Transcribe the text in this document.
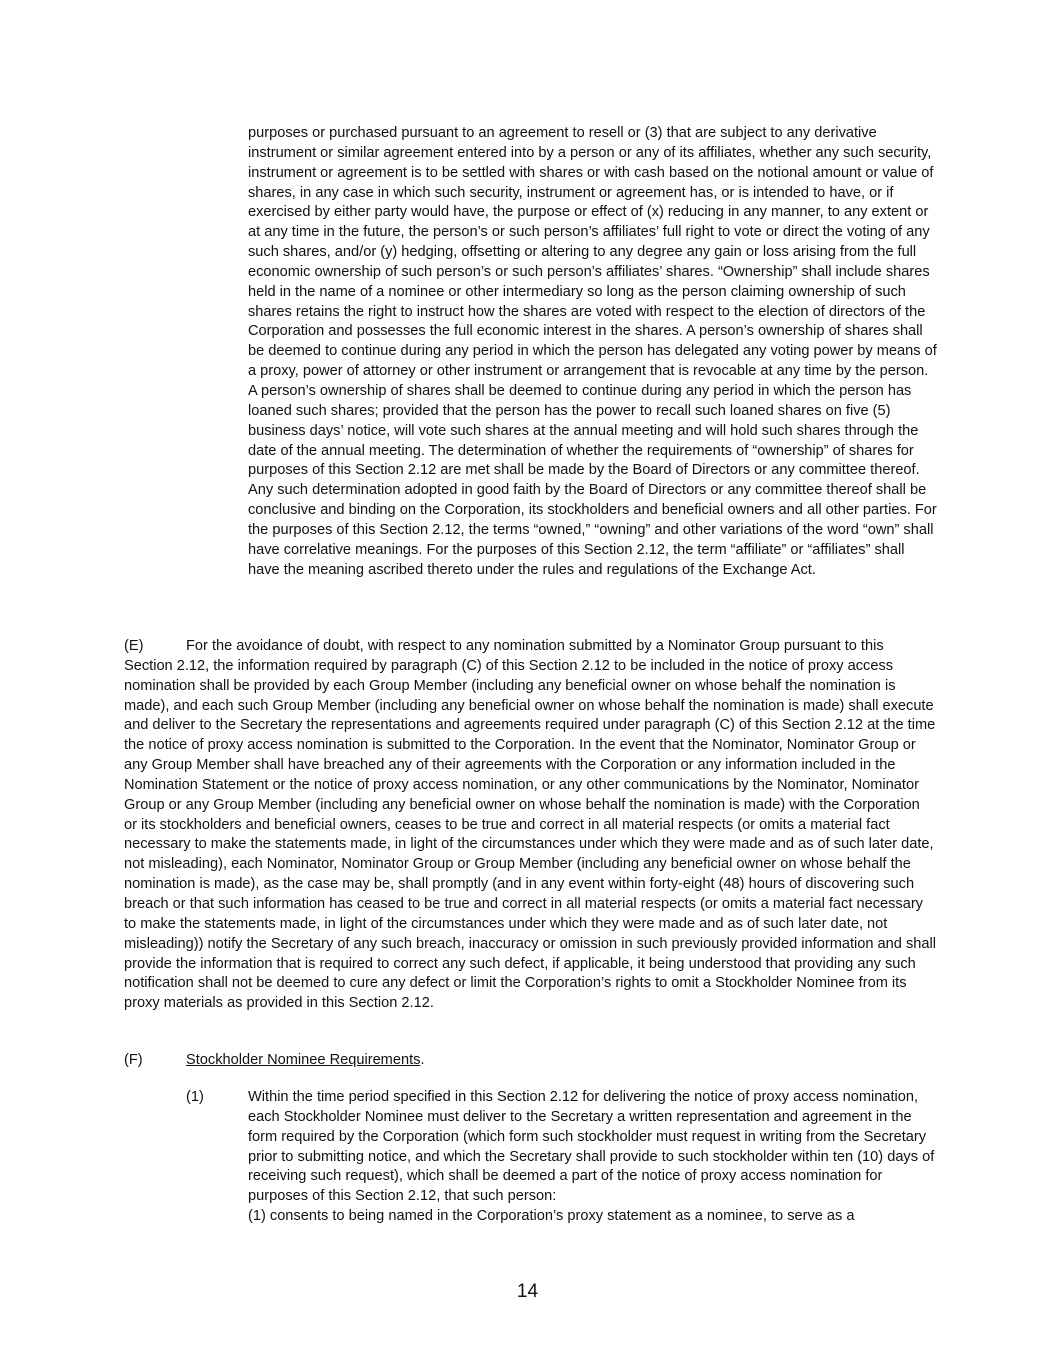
purposes or purchased pursuant to an agreement to resell or (3) that are subject to any derivative instrument or similar agreement entered into by a person or any of its affiliates, whether any such security, instrument or agreement is to be settled with shares or with cash based on the notional amount or value of shares, in any case in which such security, instrument or agreement has, or is intended to have, or if exercised by either party would have, the purpose or effect of (x) reducing in any manner, to any extent or at any time in the future, the person’s or such person’s affiliates’ full right to vote or direct the voting of any such shares, and/or (y) hedging, offsetting or altering to any degree any gain or loss arising from the full economic ownership of such person’s or such person’s affiliates’ shares. “Ownership” shall include shares held in the name of a nominee or other intermediary so long as the person claiming ownership of such shares retains the right to instruct how the shares are voted with respect to the election of directors of the Corporation and possesses the full economic interest in the shares. A person’s ownership of shares shall be deemed to continue during any period in which the person has delegated any voting power by means of a proxy, power of attorney or other instrument or arrangement that is revocable at any time by the person. A person’s ownership of shares shall be deemed to continue during any period in which the person has loaned such shares; provided that the person has the power to recall such loaned shares on five (5) business days’ notice, will vote such shares at the annual meeting and will hold such shares through the date of the annual meeting. The determination of whether the requirements of “ownership” of shares for purposes of this Section 2.12 are met shall be made by the Board of Directors or any committee thereof. Any such determination adopted in good faith by the Board of Directors or any committee thereof shall be conclusive and binding on the Corporation, its stockholders and beneficial owners and all other parties. For the purposes of this Section 2.12, the terms “owned,” “owning” and other variations of the word “own” shall have correlative meanings. For the purposes of this Section 2.12, the term “affiliate” or “affiliates” shall have the meaning ascribed thereto under the rules and regulations of the Exchange Act.

(E)	For the avoidance of doubt, with respect to any nomination submitted by a Nominator Group pursuant to this Section 2.12, the information required by paragraph (C) of this Section 2.12 to be included in the notice of proxy access nomination shall be provided by each Group Member (including any beneficial owner on whose behalf the nomination is made), and each such Group Member (including any beneficial owner on whose behalf the nomination is made) shall execute and deliver to the Secretary the representations and agreements required under paragraph (C) of this Section 2.12 at the time the notice of proxy access nomination is submitted to the Corporation. In the event that the Nominator, Nominator Group or any Group Member shall have breached any of their agreements with the Corporation or any information included in the Nomination Statement or the notice of proxy access nomination, or any other communications by the Nominator, Nominator Group or any Group Member (including any beneficial owner on whose behalf the nomination is made) with the Corporation or its stockholders and beneficial owners, ceases to be true and correct in all material respects (or omits a material fact necessary to make the statements made, in light of the circumstances under which they were made and as of such later date, not misleading), each Nominator, Nominator Group or Group Member (including any beneficial owner on whose behalf the nomination is made), as the case may be, shall promptly (and in any event within forty-eight (48) hours of discovering such breach or that such information has ceased to be true and correct in all material respects (or omits a material fact necessary to make the statements made, in light of the circumstances under which they were made and as of such later date, not misleading)) notify the Secretary of any such breach, inaccuracy or omission in such previously provided information and shall provide the information that is required to correct any such defect, if applicable, it being understood that providing any such notification shall not be deemed to cure any defect or limit the Corporation’s rights to omit a Stockholder Nominee from its proxy materials as provided in this Section 2.12.

(F)	Stockholder Nominee Requirements.

(1)	Within the time period specified in this Section 2.12 for delivering the notice of proxy access nomination, each Stockholder Nominee must deliver to the Secretary a written representation and agreement in the form required by the Corporation (which form such stockholder must request in writing from the Secretary prior to submitting notice, and which the Secretary shall provide to such stockholder within ten (10) days of receiving such request), which shall be deemed a part of the notice of proxy access nomination for purposes of this Section 2.12, that such person:
(1) consents to being named in the Corporation’s proxy statement as a nominee, to serve as a
14
